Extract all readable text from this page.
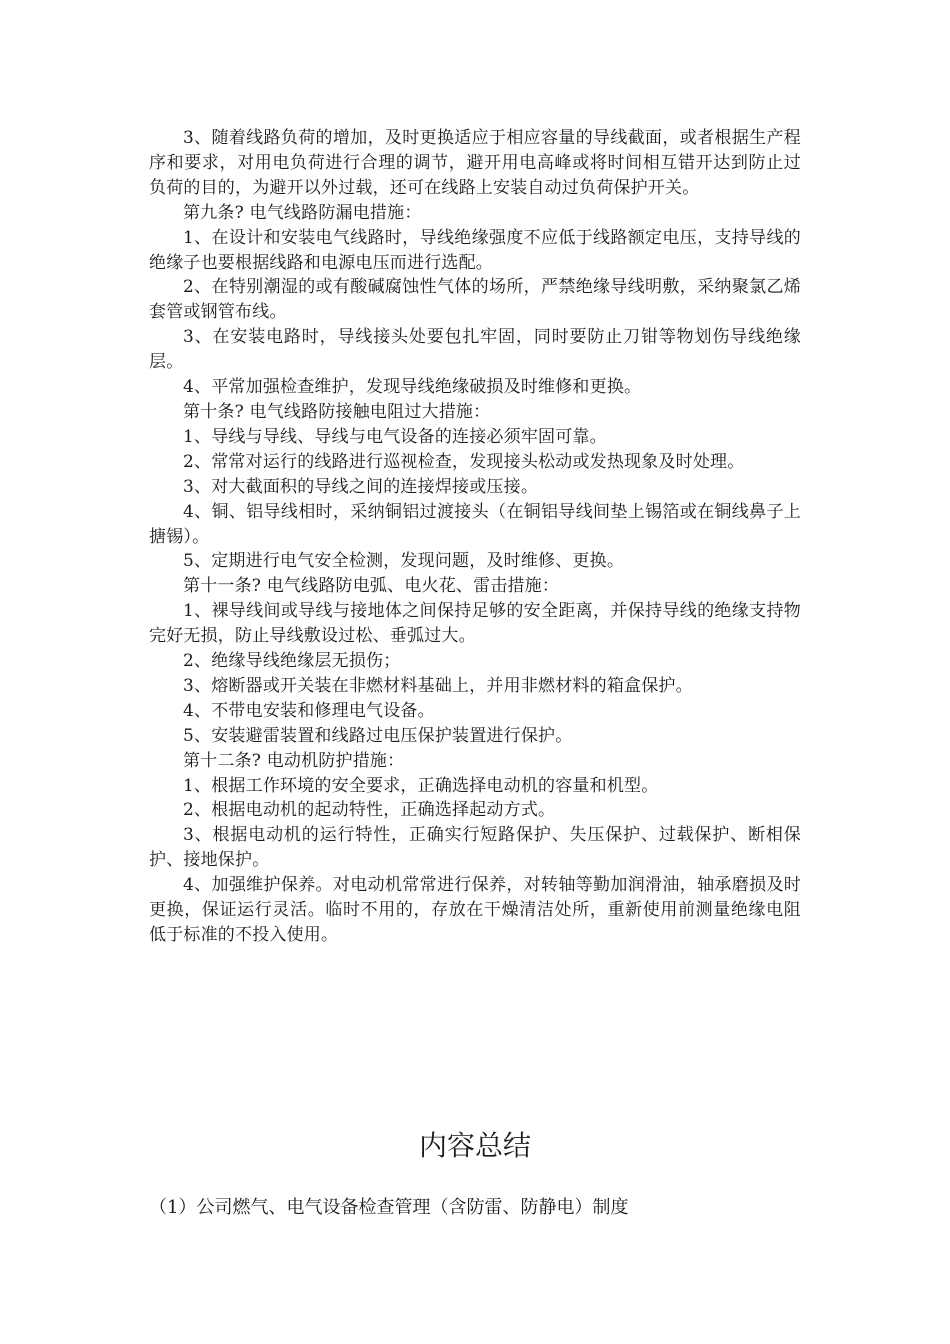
3、随着线路负荷的增加，及时更换适应于相应容量的导线截面，或者根据生产程序和要求，对用电负荷进行合理的调节，避开用电高峰或将时间相互错开达到防止过负荷的目的，为避开以外过载，还可在线路上安装自动过负荷保护开关。

第九条? 电气线路防漏电措施：

1、在设计和安装电气线路时，导线绝缘强度不应低于线路额定电压，支持导线的绝缘子也要根据线路和电源电压而进行选配。

2、在特别潮湿的或有酸碱腐蚀性气体的场所，严禁绝缘导线明敷，采纳聚氯乙烯套管或钢管布线。

3、在安装电路时，导线接头处要包扎牢固，同时要防止刀钳等物划伤导线绝缘层。

4、平常加强检查维护，发现导线绝缘破损及时维修和更换。

第十条? 电气线路防接触电阻过大措施：

1、导线与导线、导线与电气设备的连接必须牢固可靠。

2、常常对运行的线路进行巡视检查，发现接头松动或发热现象及时处理。

3、对大截面积的导线之间的连接焊接或压接。

4、铜、铝导线相时，采纳铜铝过渡接头（在铜铝导线间垫上锡箔或在铜线鼻子上搪锡）。

5、定期进行电气安全检测，发现问题，及时维修、更换。

第十一条? 电气线路防电弧、电火花、雷击措施：

1、裸导线间或导线与接地体之间保持足够的安全距离，并保持导线的绝缘支持物完好无损，防止导线敷设过松、垂弧过大。

2、绝缘导线绝缘层无损伤；

3、熔断器或开关装在非燃材料基础上，并用非燃材料的箱盒保护。

4、不带电安装和修理电气设备。

5、安装避雷装置和线路过电压保护装置进行保护。

第十二条? 电动机防护措施：

1、根据工作环境的安全要求，正确选择电动机的容量和机型。

2、根据电动机的起动特性，正确选择起动方式。

3、根据电动机的运行特性，正确实行短路保护、失压保护、过载保护、断相保护、接地保护。

4、加强维护保养。对电动机常常进行保养，对转轴等勤加润滑油，轴承磨损及时更换，保证运行灵活。临时不用的，存放在干燥清洁处所，重新使用前测量绝缘电阻低于标准的不投入使用。

内容总结

（1）公司燃气、电气设备检查管理（含防雷、防静电）制度
